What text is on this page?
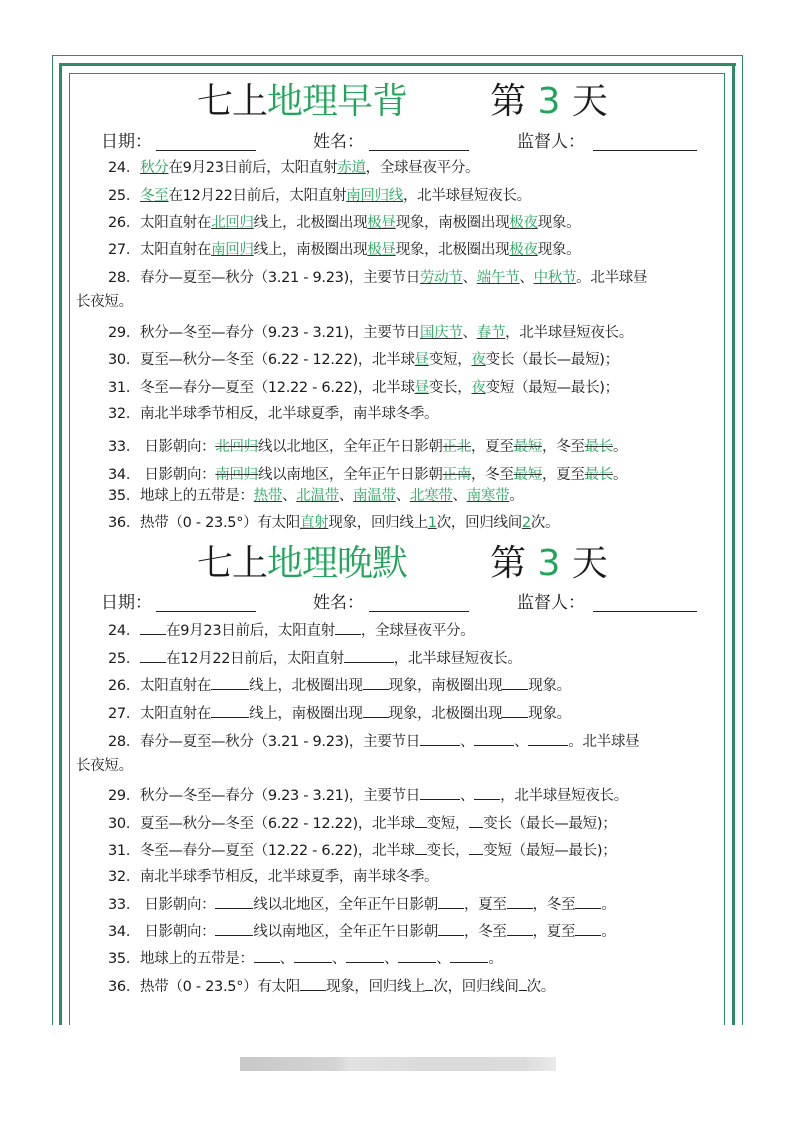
七上地理早背 第 3 天
日期：	姓名：	监督人：
24．秋分在9月23日前后，太阳直射赤道，全球昼夜平分。
25．冬至在12月22日前后，太阳直射南回归线，北半球昼短夜长。
26．太阳直射在北回归线上，北极圈出现极昼现象，南极圈出现极夜现象。
27．太阳直射在南回归线上，南极圈出现极昼现象，北极圈出现极夜现象。
28．春分—夏至—秋分（3.21 - 9.23)，主要节日劳动节、端午节、中秋节。北半球昼
长夜短。
29．秋分—冬至—春分（9.23 - 3.21)，主要节日国庆节、春节，北半球昼短夜长。
30．夏至—秋分—冬至（6.22 - 12.22)，北半球昼变短，夜变长（最长—最短)；
31．冬至—春分—夏至（12.22 - 6.22)，北半球昼变长，夜变短（最短—最长)；
32．南北半球季节相反，北半球夏季，南半球冬季。
33． 日影朝向：北回归线以北地区，全年正午日影朝正北，夏至最短，冬至最长。
34． 日影朝向：南回归线以南地区，全年正午日影朝正南，冬至最短，夏至最长。
35．地球上的五带是：热带、北温带、南温带、北寒带、南寒带。
36．热带（0 - 23.5°）有太阳直射现象，回归线上1次，回归线间2次。
七上地理晚默 第 3 天
日期：	姓名：	监督人：
24． 在9月23日前后，太阳直射 ，全球昼夜平分。
25． 在12月22日前后，太阳直射	，北半球昼短夜长。
26．太阳直射在	线上，北极圈出现 现象，南极圈出现 现象。
27．太阳直射在	线上，南极圈出现 现象，北极圈出现 现象。
28．春分—夏至—秋分（3.21 - 9.23)，主要节日	、	、	。北半球昼
长夜短。
29．秋分—冬至—春分（9.23 - 3.21)，主要节日	、 ，北半球昼短夜长。
30．夏至—秋分—冬至（6.22 - 12.22)，北半球 变短， 变长（最长—最短)；
31．冬至—春分—夏至（12.22 - 6.22)，北半球 变长， 变短（最短—最长)；
32．南北半球季节相反，北半球夏季，南半球冬季。
33． 日影朝向：	线以北地区，全年正午日影朝 ，夏至 ，冬至 。
34． 日影朝向：	线以南地区，全年正午日影朝 ，冬至 ，夏至 。
35．地球上的五带是： 、	、	、	、	。
36．热带（0 - 23.5°）有太阳 现象，回归线上 次，回归线间 次。
